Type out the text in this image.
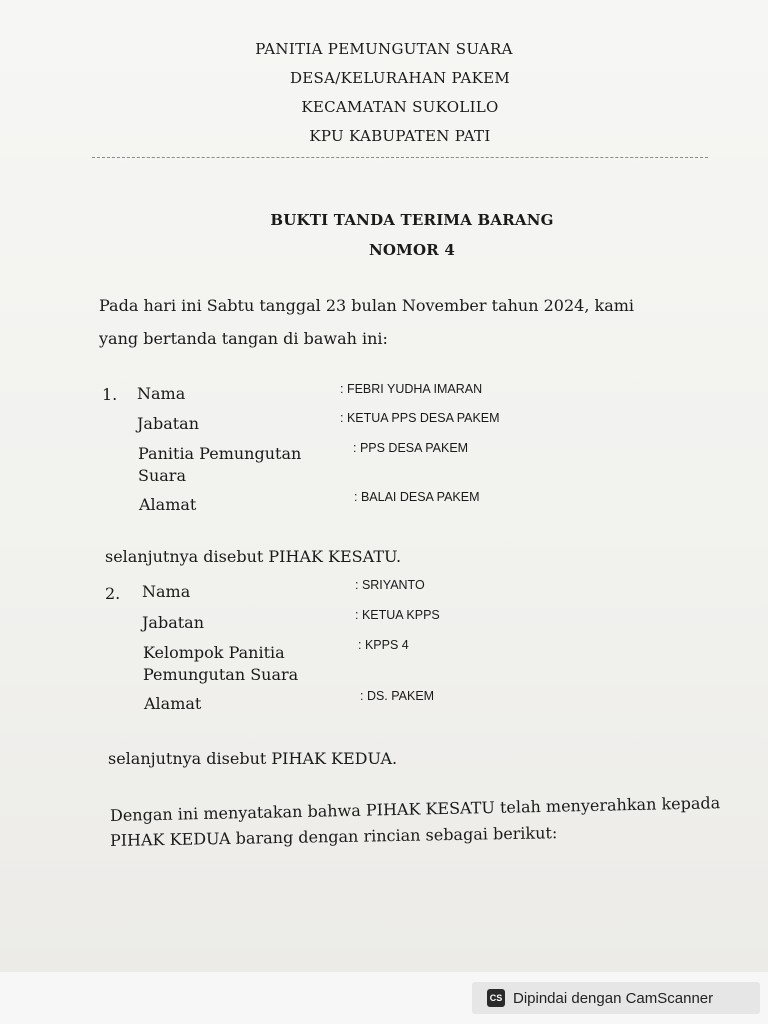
PANITIA PEMUNGUTAN SUARA
DESA/KELURAHAN PAKEM
KECAMATAN SUKOLILO
KPU KABUPATEN PATI
BUKTI TANDA TERIMA BARANG
NOMOR 4
Pada hari ini Sabtu tanggal 23 bulan November tahun 2024, kami
yang bertanda tangan di bawah ini:
1. Nama	: FEBRI YUDHA IMARAN
Jabatan	: KETUA PPS DESA PAKEM
Panitia Pemungutan
Suara
: PPS DESA PAKEM
Alamat	: BALAI DESA PAKEM
selanjutnya disebut PIHAK KESATU.
2. Nama	: SRIYANTO
Jabatan	: KETUA KPPS
Kelompok Panitia
Pemungutan Suara
: KPPS 4
Alamat	: DS. PAKEM
selanjutnya disebut PIHAK KEDUA.
Dengan ini menyatakan bahwa PIHAK KESATU telah menyerahkan kepada
PIHAK KEDUA barang dengan rincian sebagai berikut:
CS Dipindai dengan CamScanner
